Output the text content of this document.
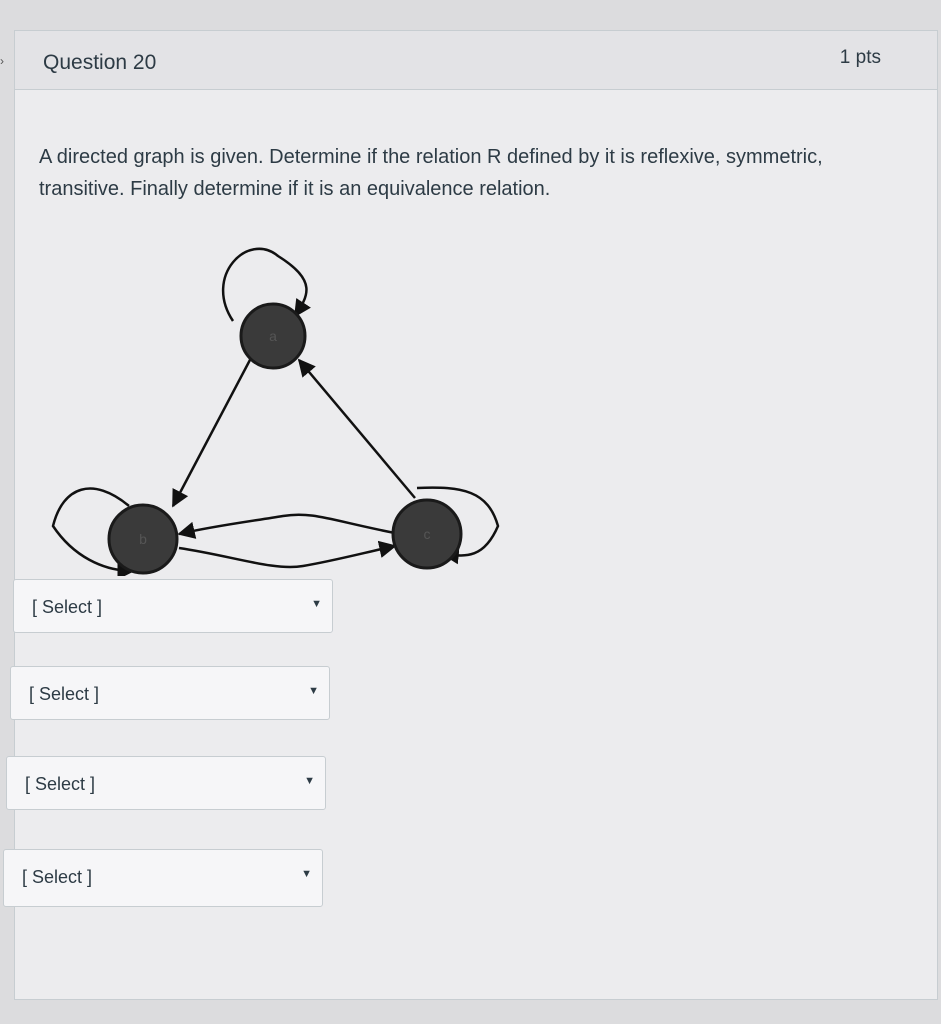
› Question 20	1 pts
A directed graph is given. Determine if the relation R defined by it is reflexive, symmetric, transitive. Finally determine if it is an equivalence relation.
a
b	c
[ Select ]	▼
[ Select ]	▼
[ Select ]	▼
[ Select ]	▼
